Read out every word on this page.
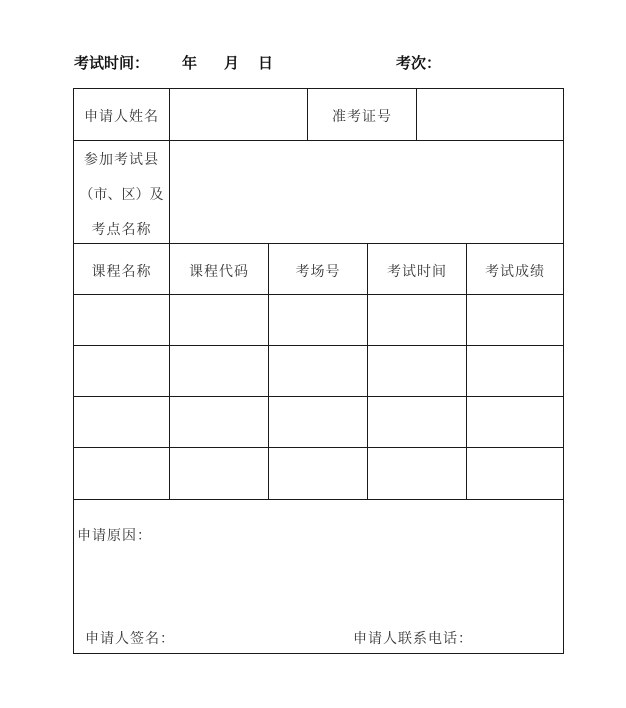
考试时间： 年 月 日	考次：
申请人姓名	准考证号
参加考试县
（市、区）及
考点名称
课程名称	课程代码	考场号	考试时间	考试成绩
申请原因：
申请人签名：	申请人联系电话：
